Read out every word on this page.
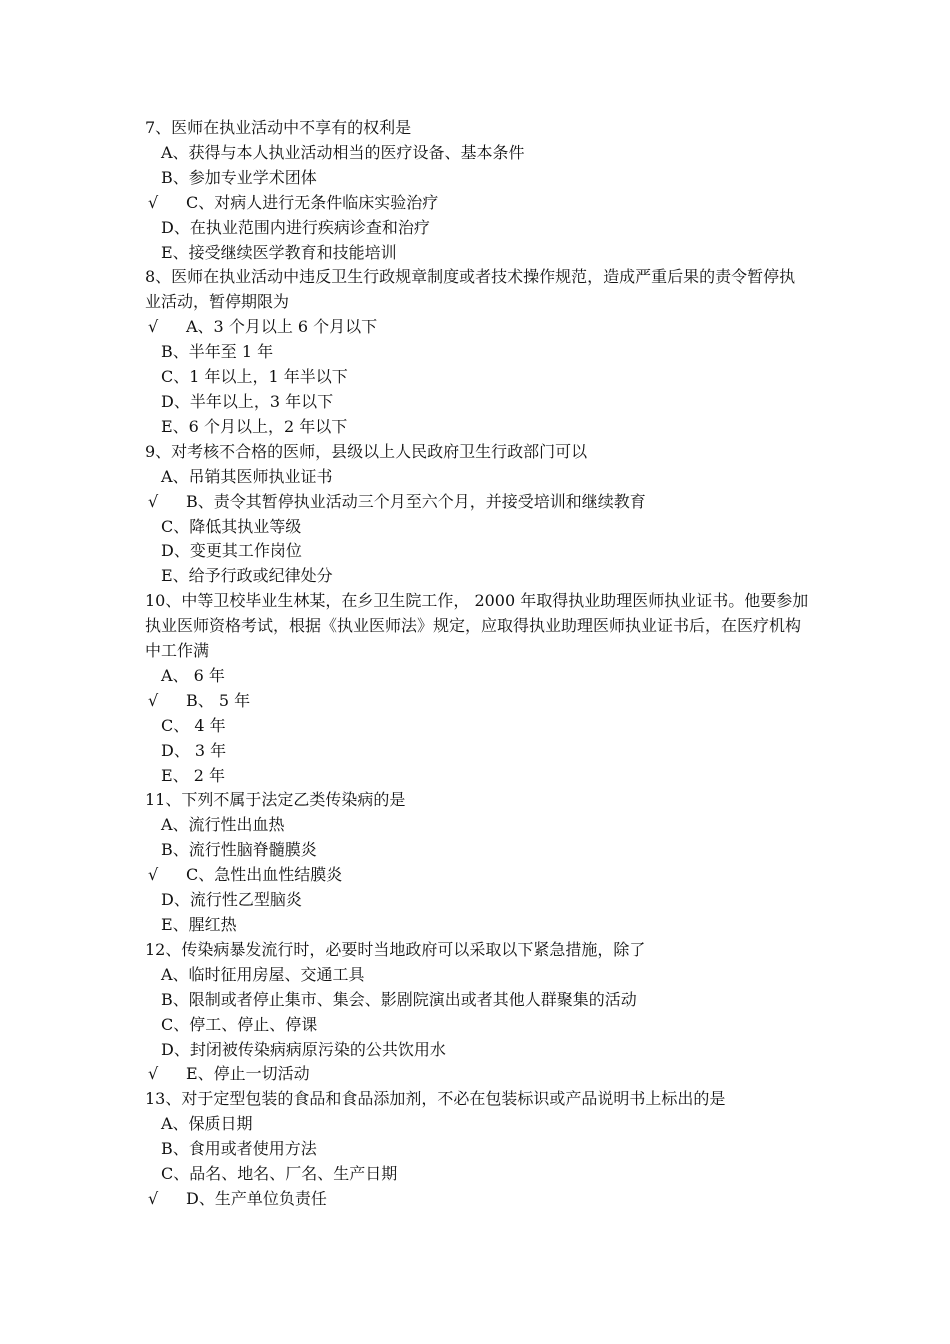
7、医师在执业活动中不享有的权利是

A、获得与本人执业活动相当的医疗设备、基本条件
B、参加专业学术团体
√ C、对病人进行无条件临床实验治疗
D、在执业范围内进行疾病诊查和治疗
E、接受继续医学教育和技能培训

8、医师在执业活动中违反卫生行政规章制度或者技术操作规范，造成严重后果的责令暂停执业活动，暂停期限为

√ A、3 个月以上 6 个月以下
B、半年至 1 年
C、1 年以上，1 年半以下
D、半年以上，3 年以下
E、6 个月以上，2 年以下

9、对考核不合格的医师，县级以上人民政府卫生行政部门可以

A、吊销其医师执业证书
√ B、责令其暂停执业活动三个月至六个月，并接受培训和继续教育
C、降低其执业等级
D、变更其工作岗位
E、给予行政或纪律处分

10、中等卫校毕业生林某，在乡卫生院工作， 2000 年取得执业助理医师执业证书。他要参加执业医师资格考试，根据《执业医师法》规定，应取得执业助理医师执业证书后，在医疗机构中工作满

A、 6 年
√ B、 5 年
C、 4 年
D、 3 年
E、 2 年

11、下列不属于法定乙类传染病的是

A、流行性出血热
B、流行性脑脊髓膜炎
√ C、急性出血性结膜炎
D、流行性乙型脑炎
E、腥红热

12、传染病暴发流行时，必要时当地政府可以采取以下紧急措施，除了

A、临时征用房屋、交通工具
B、限制或者停止集市、集会、影剧院演出或者其他人群聚集的活动
C、停工、停止、停课
D、封闭被传染病病原污染的公共饮用水
√ E、停止一切活动

13、对于定型包装的食品和食品添加剂，不必在包装标识或产品说明书上标出的是

A、保质日期
B、食用或者使用方法
C、品名、地名、厂名、生产日期
√ D、生产单位负责任
